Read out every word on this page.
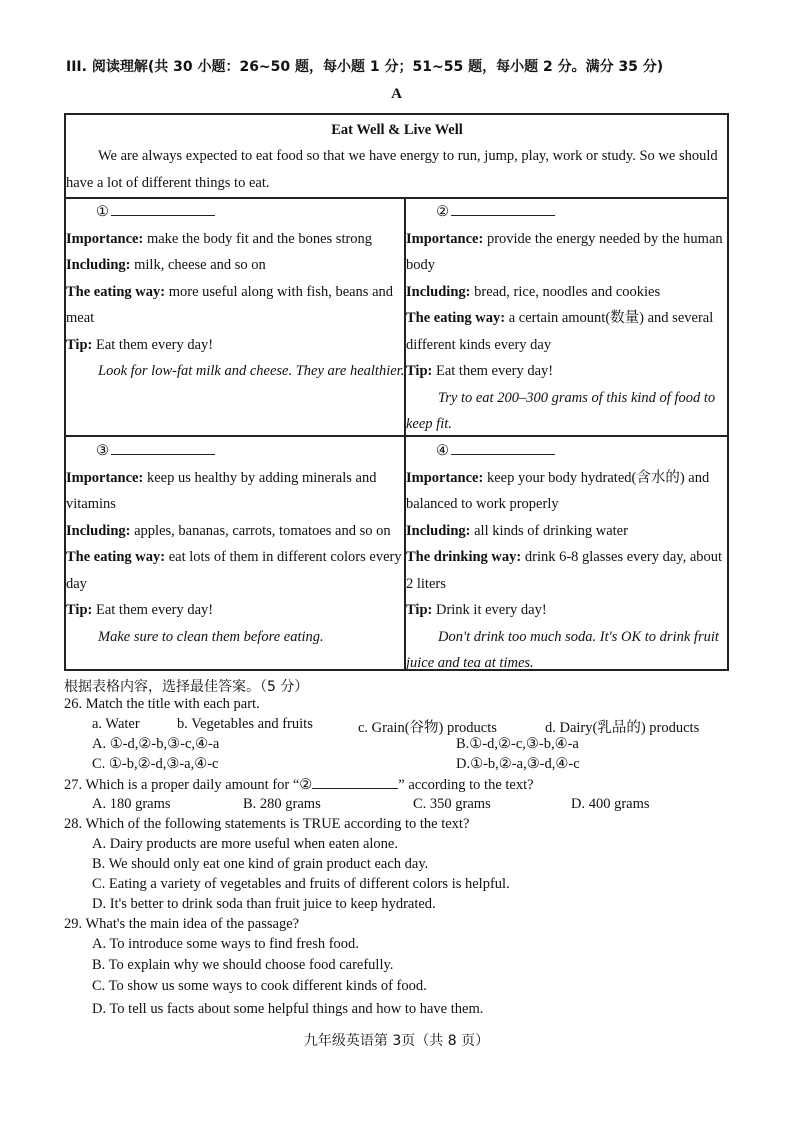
III. 阅读理解(共 30 小题：26~50 题，每小题 1 分；51~55 题，每小题 2 分。满分 35 分)
A
Eat Well & Live Well
We are always expected to eat food so that we have energy to run, jump, play, work or study. So we should have a lot of different things to eat.
①
Importance: make the body fit and the bones strong
Including: milk, cheese and so on
The eating way: more useful along with fish, beans and meat
Tip: Eat them every day!
Look for low-fat milk and cheese. They are healthier.
②
Importance: provide the energy needed by the human body
Including: bread, rice, noodles and cookies
The eating way: a certain amount(数量) and several different kinds every day
Tip: Eat them every day!
Try to eat 200–300 grams of this kind of food to keep fit.
③
Importance: keep us healthy by adding minerals and vitamins
Including: apples, bananas, carrots, tomatoes and so on
The eating way: eat lots of them in different colors every day
Tip: Eat them every day!
Make sure to clean them before eating.
④
Importance: keep your body hydrated(含水的) and balanced to work properly
Including: all kinds of drinking water
The drinking way: drink 6-8 glasses every day, about 2 liters
Tip: Drink it every day!
Don't drink too much soda. It's OK to drink fruit juice and tea at times.
根据表格内容，选择最佳答案。（5 分）
26. Match the title with each part.
a. Water	b. Vegetables and fruits	c. Grain(谷物) products	d. Dairy(乳品的) products
A. ①-d,②-b,③-c,④-a	B.①-d,②-c,③-b,④-a
C. ①-b,②-d,③-a,④-c	D.①-b,②-a,③-d,④-c
27. Which is a proper daily amount for “②	” according to the text?
A. 180 grams	B. 280 grams	C. 350 grams	D. 400 grams
28. Which of the following statements is TRUE according to the text?
A. Dairy products are more useful when eaten alone.
B. We should only eat one kind of grain product each day.
C. Eating a variety of vegetables and fruits of different colors is helpful.
D. It's better to drink soda than fruit juice to keep hydrated.
29. What's the main idea of the passage?
A. To introduce some ways to find fresh food.
B. To explain why we should choose food carefully.
C. To show us some ways to cook different kinds of food.
D. To tell us facts about some helpful things and how to have them.
九年级英语第 3页（共 8 页）
